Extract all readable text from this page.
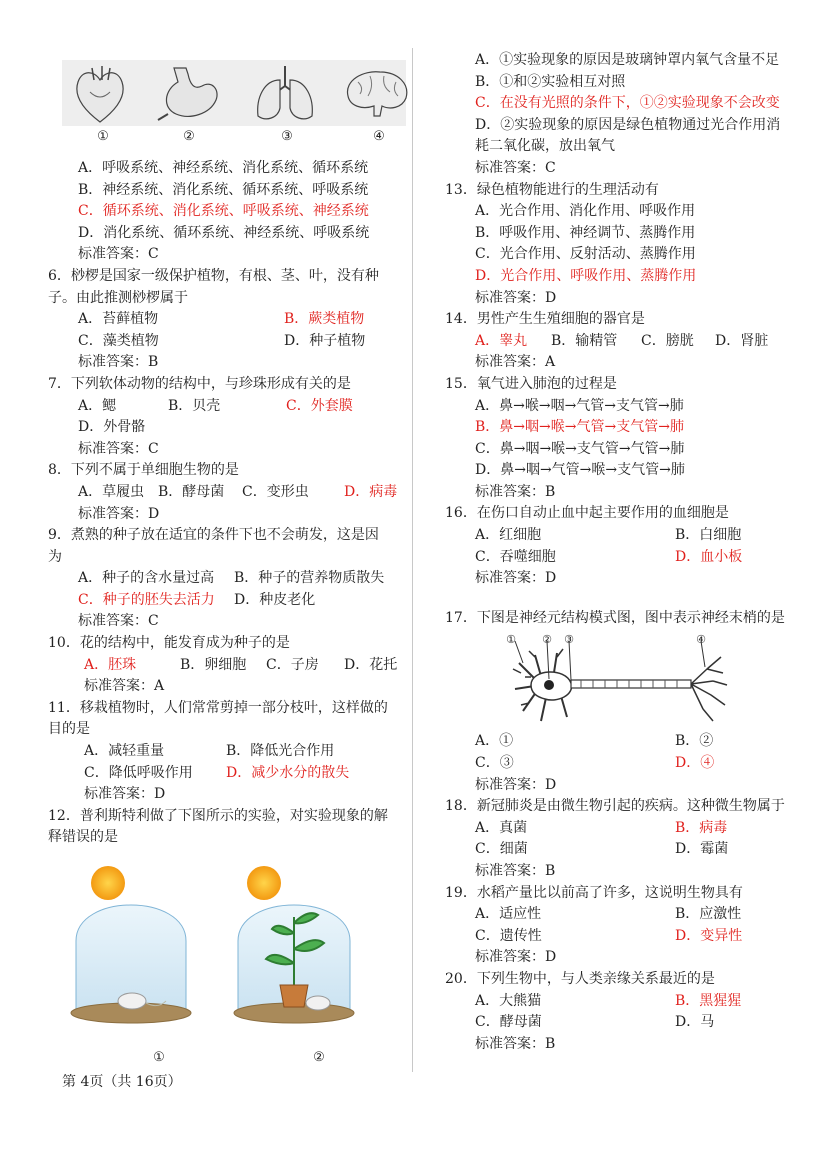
①	②	③	④
A．呼吸系统、神经系统、消化系统、循环系统
B．神经系统、消化系统、循环系统、呼吸系统
C．循环系统、消化系统、呼吸系统、神经系统
D．消化系统、循环系统、神经系统、呼吸系统
标准答案：C
6．桫椤是国家一级保护植物，有根、茎、叶，没有种
子。由此推测桫椤属于
A．苔藓植物	B．蕨类植物
C．藻类植物	D．种子植物
标准答案：B
7．下列软体动物的结构中，与珍珠形成有关的是
A．鳃	B．贝壳	C．外套膜
D．外骨骼
标准答案：C
8．下列不属于单细胞生物的是
A．草履虫 B．酵母菌	C．变形虫	D．病毒
标准答案：D
9．煮熟的种子放在适宜的条件下也不会萌发，这是因
为
A．种子的含水量过高	B．种子的营养物质散失
C．种子的胚失去活力	D．种皮老化
标准答案：C
10．花的结构中，能发育成为种子的是
A．胚珠	B．卵细胞	C．子房	D．花托
标准答案：A
11．移栽植物时，人们常常剪掉一部分枝叶，这样做的
目的是
A．减轻重量	B．降低光合作用
C．降低呼吸作用	D．减少水分的散失
标准答案：D
12．普利斯特利做了下图所示的实验，对实验现象的解
释错误的是
①	②
第 4页（共 16页）
A．①实验现象的原因是玻璃钟罩内氧气含量不足
B．①和②实验相互对照
C．在没有光照的条件下，①②实验现象不会改变
D．②实验现象的原因是绿色植物通过光合作用消
耗二氧化碳，放出氧气
标准答案：C
13．绿色植物能进行的生理活动有
A．光合作用、消化作用、呼吸作用
B．呼吸作用、神经调节、蒸腾作用
C．光合作用、反射活动、蒸腾作用
D．光合作用、呼吸作用、蒸腾作用
标准答案：D
14．男性产生生殖细胞的器官是
A．睾丸	B．输精管	C．膀胱	D．肾脏
标准答案：A
15．氧气进入肺泡的过程是
A．鼻→喉→咽→气管→支气管→肺
B．鼻→咽→喉→气管→支气管→肺
C．鼻→咽→喉→支气管→气管→肺
D．鼻→咽→气管→喉→支气管→肺
标准答案：B
16．在伤口自动止血中起主要作用的血细胞是
A．红细胞	B．白细胞
C．吞噬细胞	D．血小板
标准答案：D
17．下图是神经元结构模式图，图中表示神经末梢的是
①	②	③	④
A．①	B．②
C．③	D．④
标准答案：D
18．新冠肺炎是由微生物引起的疾病。这种微生物属于
A．真菌	B．病毒
C．细菌	D．霉菌
标准答案：B
19．水稻产量比以前高了许多，这说明生物具有
A．适应性	B．应激性
C．遗传性	D．变异性
标准答案：D
20．下列生物中，与人类亲缘关系最近的是
A．大熊猫	B．黑猩猩
C．酵母菌	D．马
标准答案：B
